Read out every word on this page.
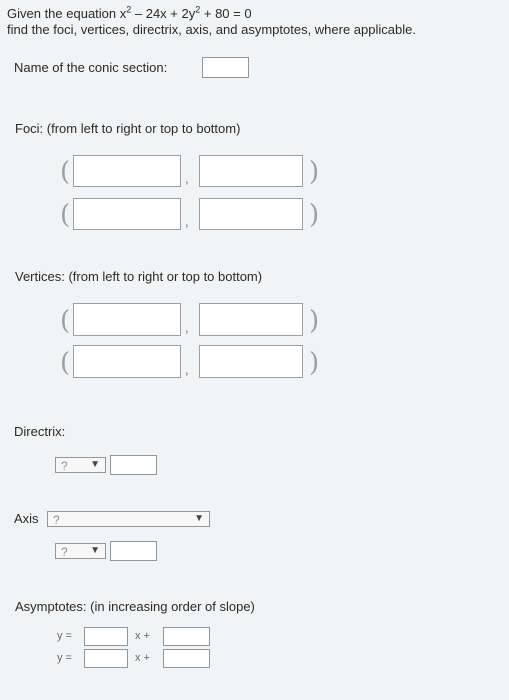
Given the equation $x^2 - 24x + 2y^2 + 80 = 0$
find the foci, vertices, directrix, axis, and asymptotes, where applicable.
Name of the conic section:
Foci: (from left to right or top to bottom)
(	,	)
(	,	)
Vertices: (from left to right or top to bottom)
(	,	)
(	,	)
Directrix:
? ▼
Axis ?	▼
? ▼
Asymptotes: (in increasing order of slope)
y =	x +
y =	x +
